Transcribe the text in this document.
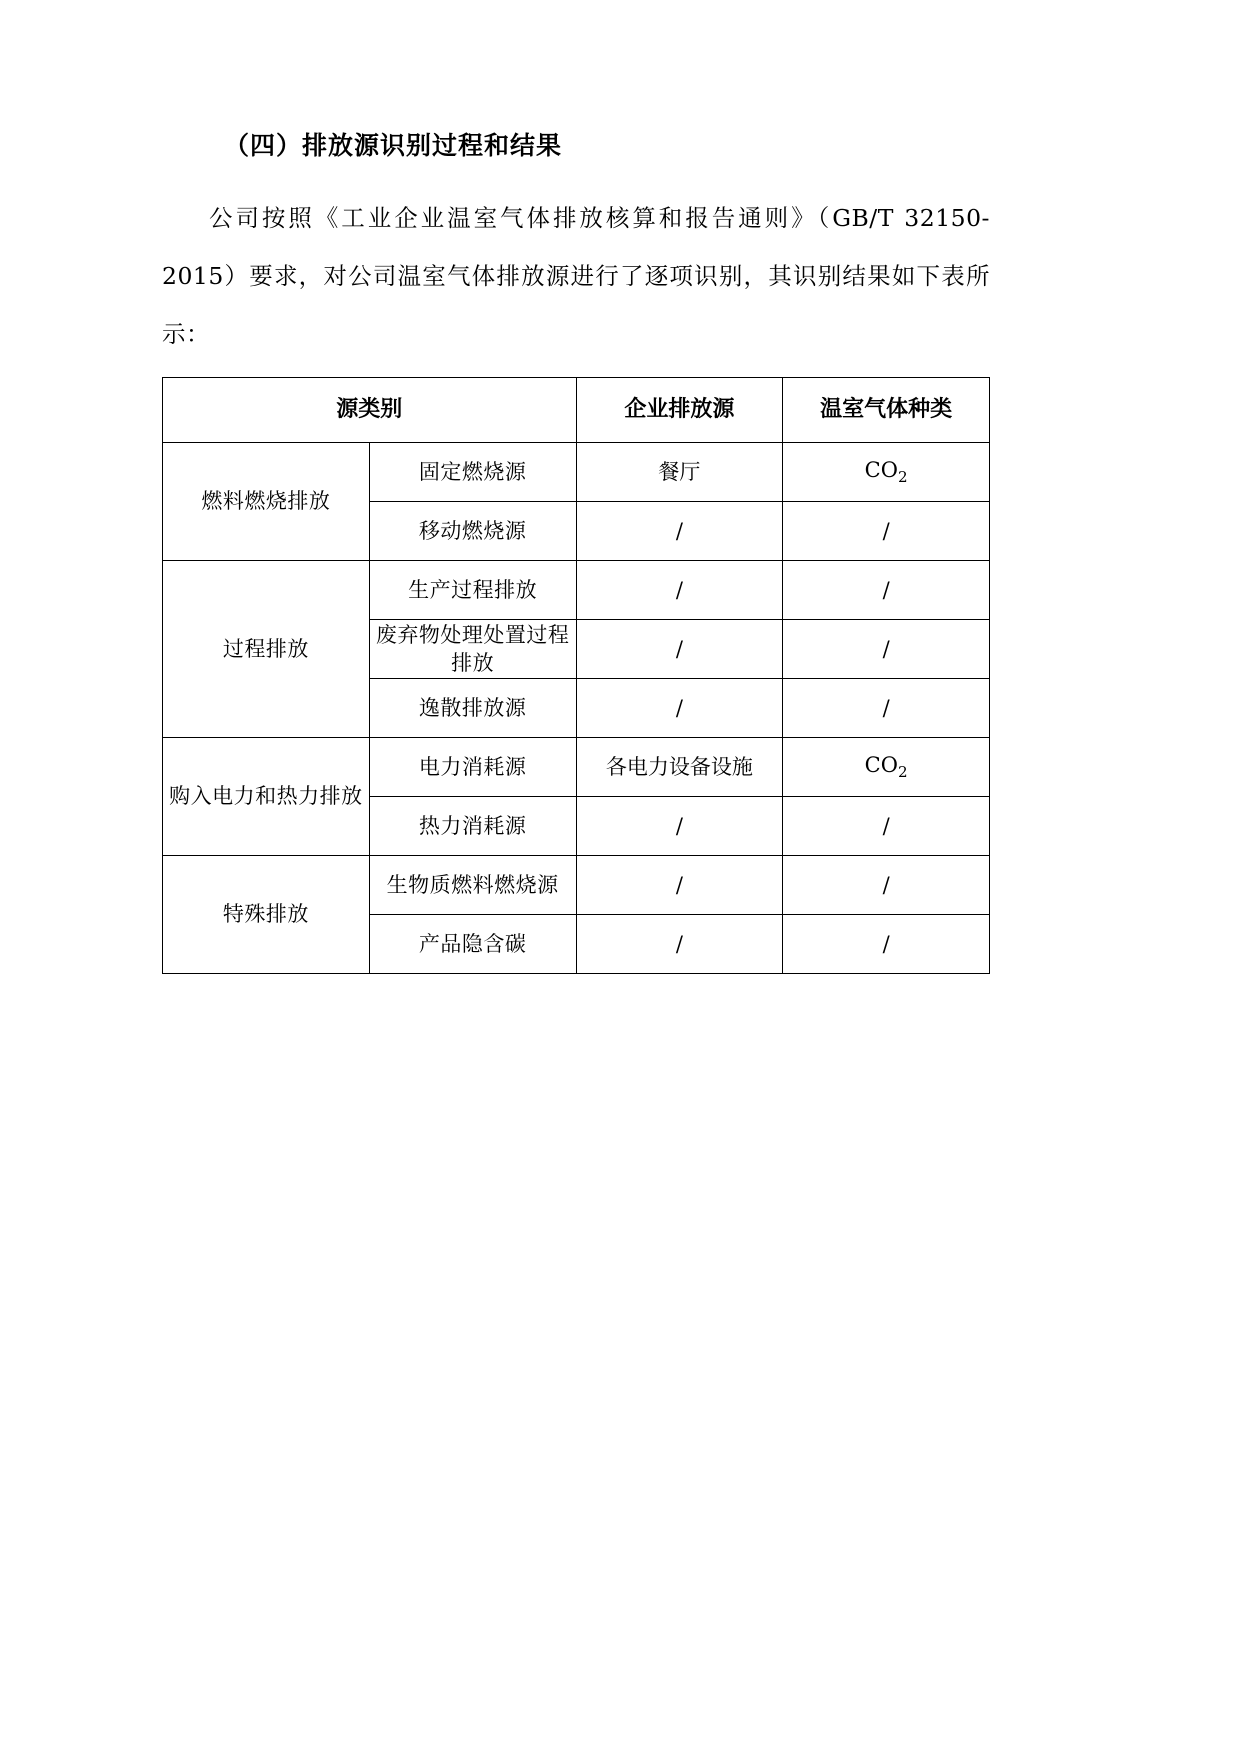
（四）排放源识别过程和结果

公司按照《工业企业温室气体排放核算和报告通则》（GB/T 32150-2015）要求，对公司温室气体排放源进行了逐项识别，其识别结果如下表所示：

源类别		企业排放源	温室气体种类
燃料燃烧排放	固定燃烧源	餐厅	$CO_2$
	移动燃烧源	/	/
过程排放	生产过程排放	/	/
	废弃物处理处置过程排放	/	/
	逸散排放源	/	/
购入电力和热力排放	电力消耗源	各电力设备设施	$CO_2$
	热力消耗源	/	/
特殊排放	生物质燃料燃烧源	/	/
	产品隐含碳	/	/
